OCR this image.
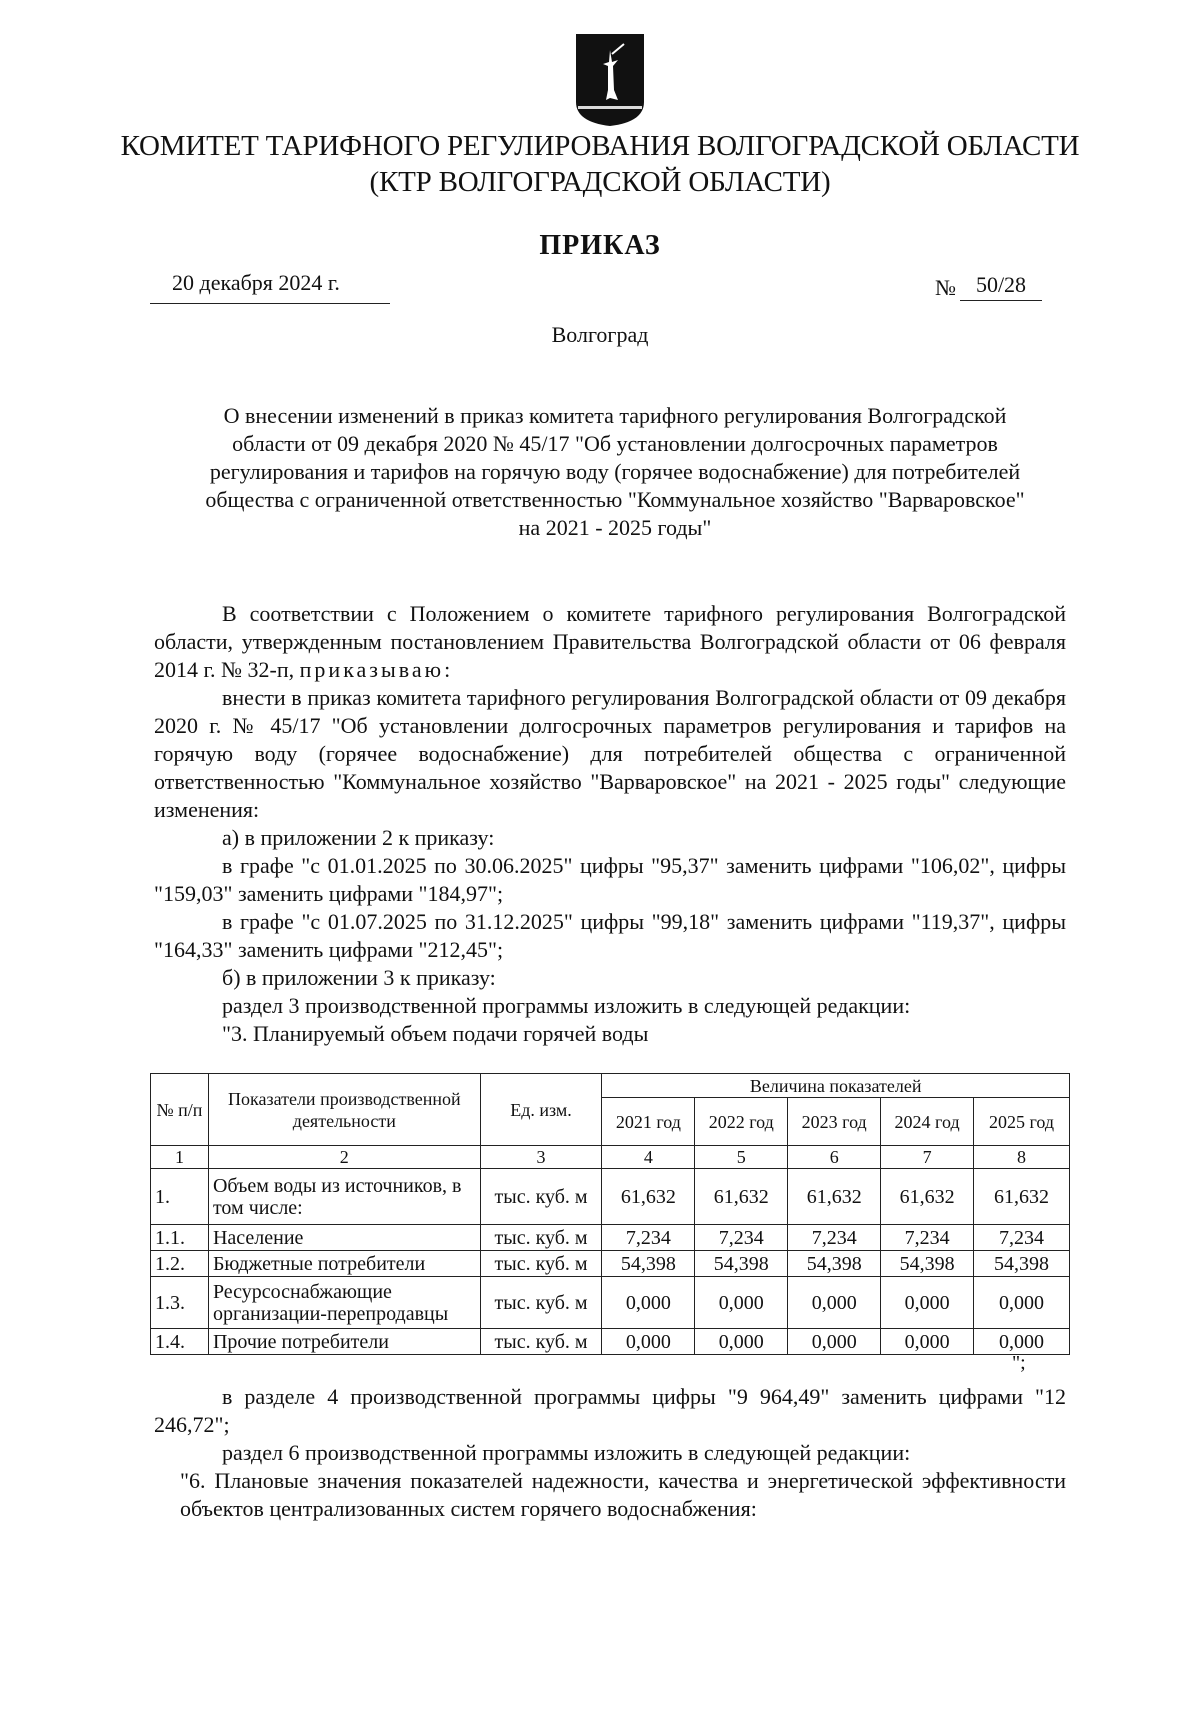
КОМИТЕТ ТАРИФНОГО РЕГУЛИРОВАНИЯ ВОЛГОГРАДСКОЙ ОБЛАСТИ
(КТР ВОЛГОГРАДСКОЙ ОБЛАСТИ)
ПРИКАЗ
20 декабря 2024 г.	№ 50/28
Волгоград
О внесении изменений в приказ комитета тарифного регулирования Волгоградской
области от 09 декабря 2020 № 45/17 "Об установлении долгосрочных параметров
регулирования и тарифов на горячую воду (горячее водоснабжение) для потребителей
общества с ограниченной ответственностью "Коммунальное хозяйство "Варваровское"
на 2021 - 2025 годы"

В соответствии с Положением о комитете тарифного регулирования Волгоградской области, утвержденным постановлением Правительства Волгоградской области от 06 февраля 2014 г. № 32-п, приказываю:

внести в приказ комитета тарифного регулирования Волгоградской области от 09 декабря 2020 г. № 45/17 "Об установлении долгосрочных параметров регулирования и тарифов на горячую воду (горячее водоснабжение) для потребителей общества с ограниченной ответственностью "Коммунальное хозяйство "Варваровское" на 2021 - 2025 годы" следующие изменения:

а) в приложении 2 к приказу:

в графе "с 01.01.2025 по 30.06.2025" цифры "95,37" заменить цифрами "106,02", цифры "159,03" заменить цифрами "184,97";

в графе "с 01.07.2025 по 31.12.2025" цифры "99,18" заменить цифрами "119,37", цифры "164,33" заменить цифрами "212,45";

б) в приложении 3 к приказу:

раздел 3 производственной программы изложить в следующей редакции:

"3. Планируемый объем подачи горячей воды

№ п/п	Показатели производственной деятельности	Ед. изм.	Величина показателей				
			2021 год	2022 год	2023 год	2024 год	2025 год
1	2	3	4	5	6	7	8
1.	Объем воды из источников, в том числе:	тыс. куб. м	61,632	61,632	61,632	61,632	61,632
1.1.	Население	тыс. куб. м	7,234	7,234	7,234	7,234	7,234
1.2.	Бюджетные потребители	тыс. куб. м	54,398	54,398	54,398	54,398	54,398
1.3.	Ресурсоснабжающие организации-перепродавцы	тыс. куб. м	0,000	0,000	0,000	0,000	0,000
1.4.	Прочие потребители	тыс. куб. м	0,000	0,000	0,000	0,000	0,000
";

в разделе 4 производственной программы цифры "9 964,49" заменить цифрами "12 246,72";

раздел 6 производственной программы изложить в следующей редакции:

"6. Плановые значения показателей надежности, качества и энергетической эффективности объектов централизованных систем горячего водоснабжения:
